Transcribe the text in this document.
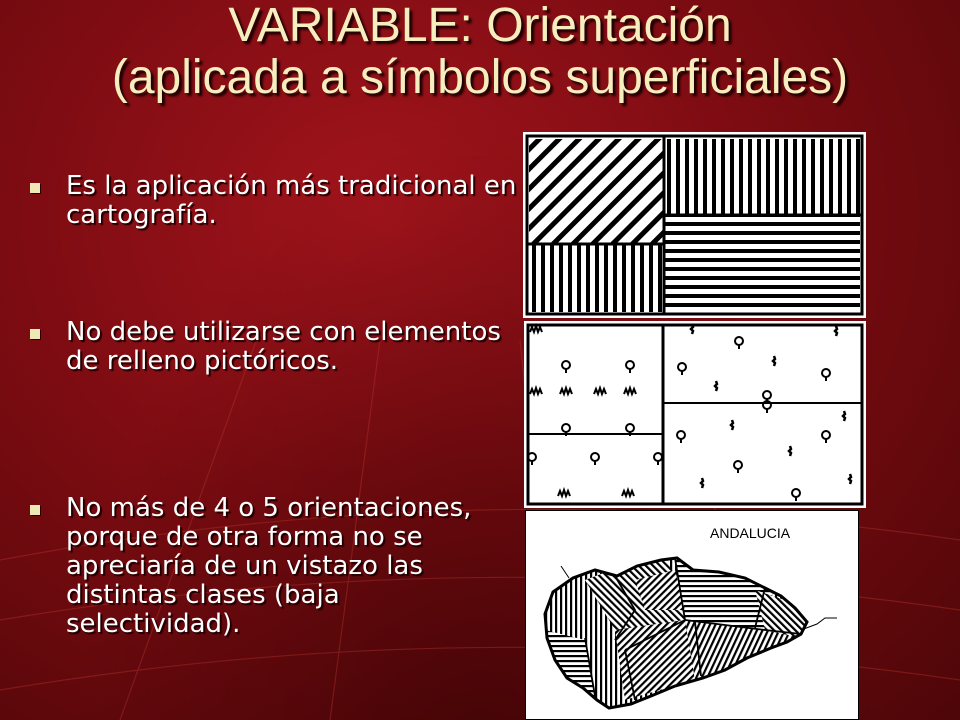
VARIABLE: Orientación
(aplicada a símbolos superficiales)
Es la aplicación más tradicional en cartografía.
No debe utilizarse con elementos de relleno pictóricos.
No más de 4 o 5 orientaciones, porque de otra forma no se apreciaría de un vistazo las distintas clases (baja selectividad).
ANDALUCIA
